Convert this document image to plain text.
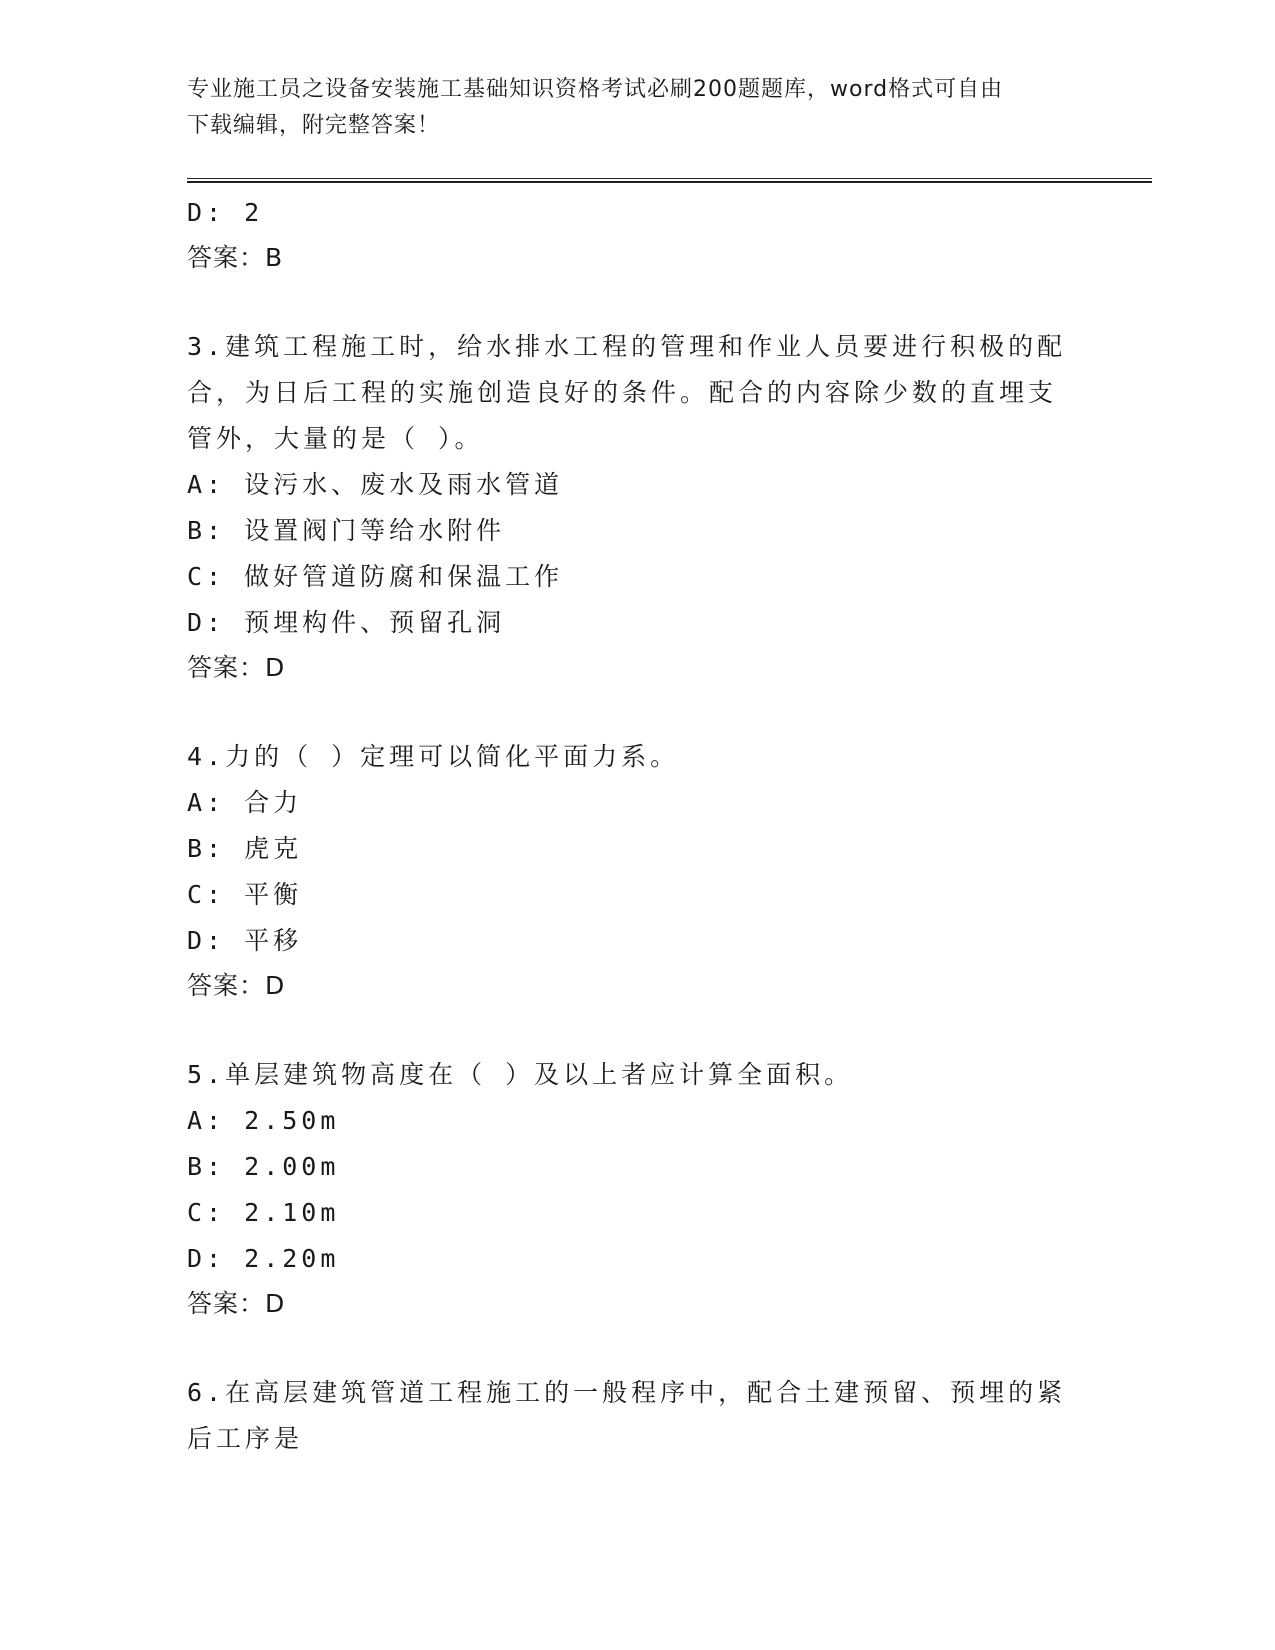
专业施工员之设备安装施工基础知识资格考试必刷200题题库，word格式可自由
下载编辑，附完整答案！
D: 2
答案：B
3.建筑工程施工时，给水排水工程的管理和作业人员要进行积极的配
合，为日后工程的实施创造良好的条件。配合的内容除少数的直埋支
管外，大量的是（ ）。
A: 设污水、废水及雨水管道
B: 设置阀门等给水附件
C: 做好管道防腐和保温工作
D: 预埋构件、预留孔洞
答案：D
4.力的（ ）定理可以简化平面力系。
A: 合力
B: 虎克
C: 平衡
D: 平移
答案：D
5.单层建筑物高度在（ ）及以上者应计算全面积。
A: 2.50m
B: 2.00m
C: 2.10m
D: 2.20m
答案：D
6.在高层建筑管道工程施工的一般程序中，配合土建预留、预埋的紧
后工序是
